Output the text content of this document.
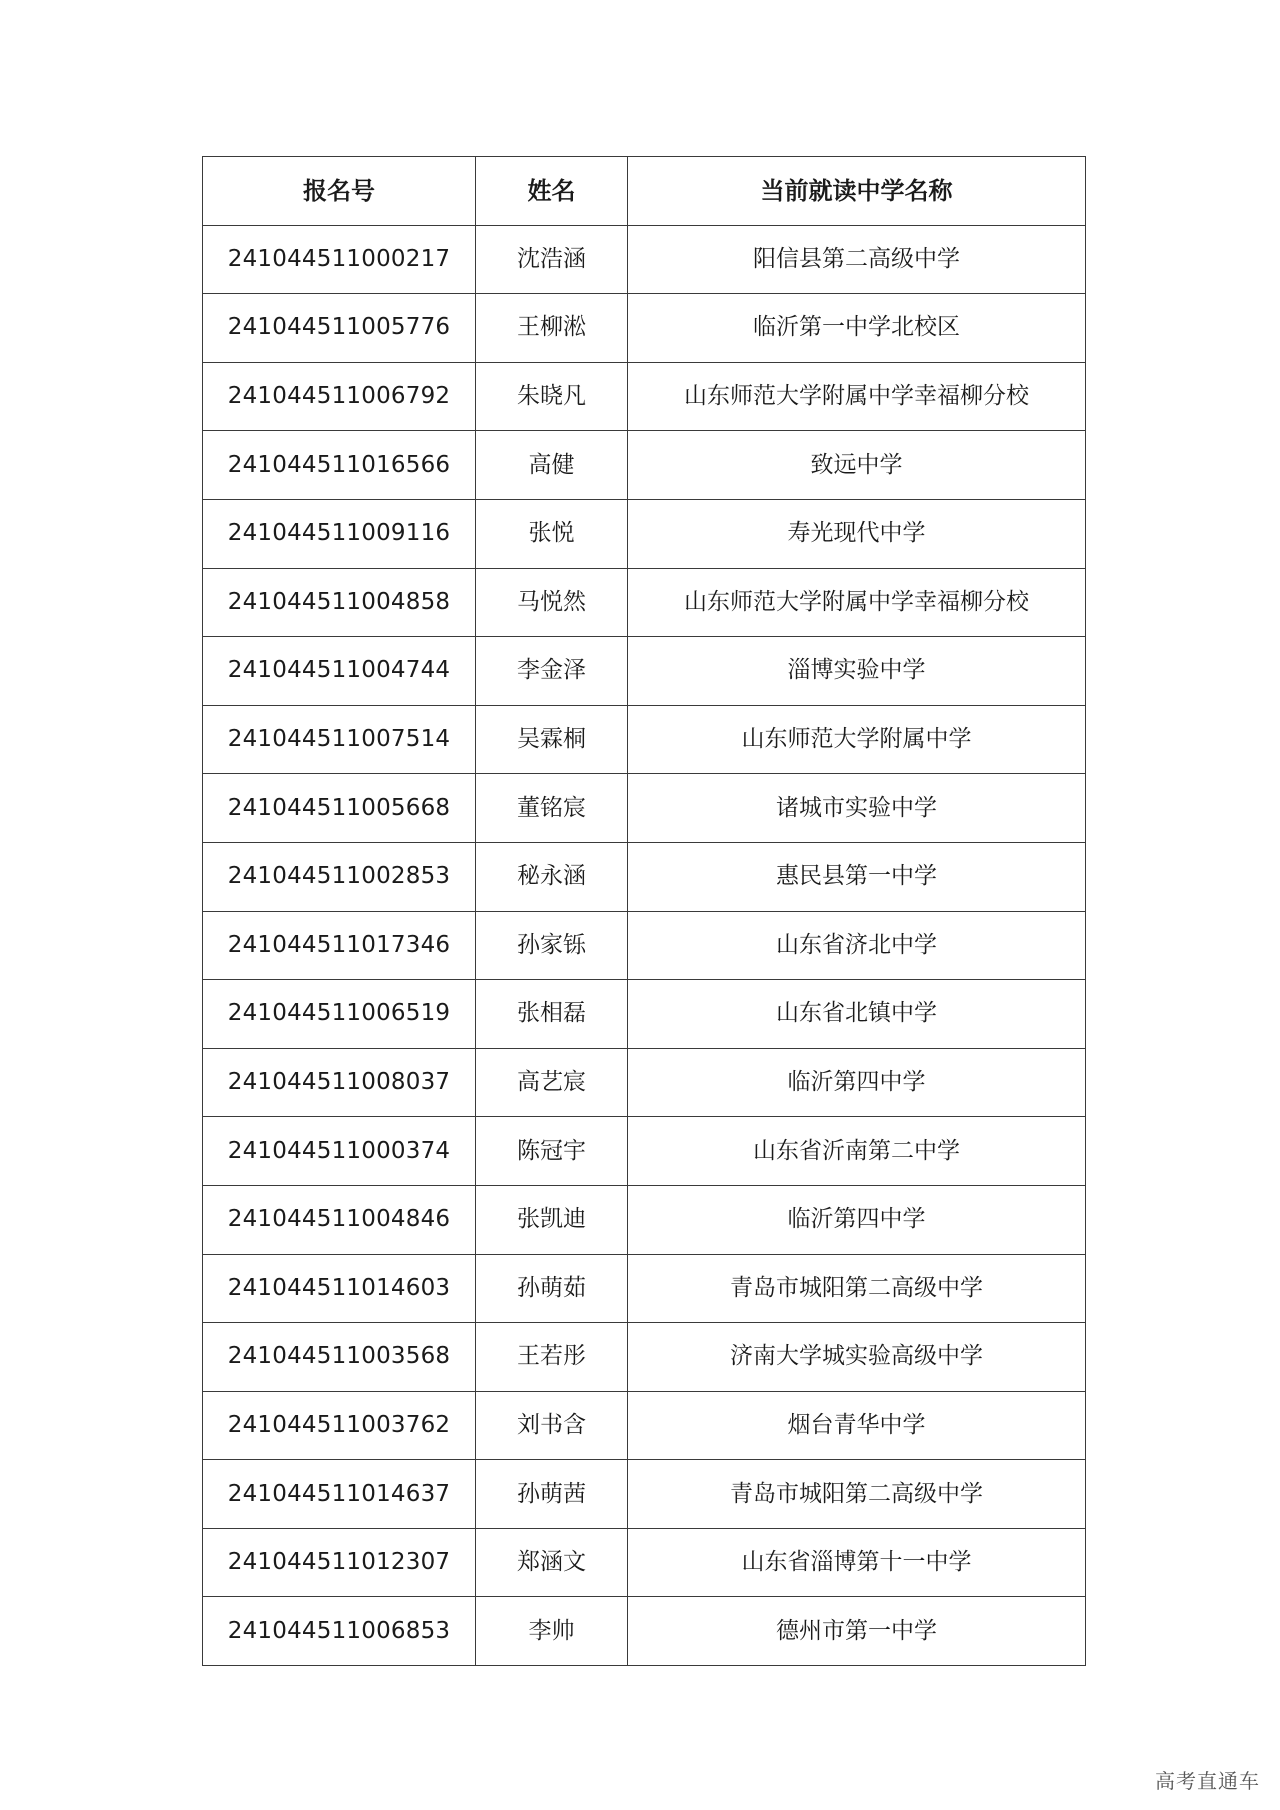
报名号	姓名	当前就读中学名称
241044511000217	沈浩涵	阳信县第二高级中学
241044511005776	王柳淞	临沂第一中学北校区
241044511006792	朱晓凡	山东师范大学附属中学幸福柳分校
241044511016566	高健	致远中学
241044511009116	张悦	寿光现代中学
241044511004858	马悦然	山东师范大学附属中学幸福柳分校
241044511004744	李金泽	淄博实验中学
241044511007514	吴霖桐	山东师范大学附属中学
241044511005668	董铭宸	诸城市实验中学
241044511002853	秘永涵	惠民县第一中学
241044511017346	孙家铄	山东省济北中学
241044511006519	张相磊	山东省北镇中学
241044511008037	高艺宸	临沂第四中学
241044511000374	陈冠宇	山东省沂南第二中学
241044511004846	张凯迪	临沂第四中学
241044511014603	孙萌茹	青岛市城阳第二高级中学
241044511003568	王若彤	济南大学城实验高级中学
241044511003762	刘书含	烟台青华中学
241044511014637	孙萌茜	青岛市城阳第二高级中学
241044511012307	郑涵文	山东省淄博第十一中学
241044511006853	李帅	德州市第一中学
高考直通车
